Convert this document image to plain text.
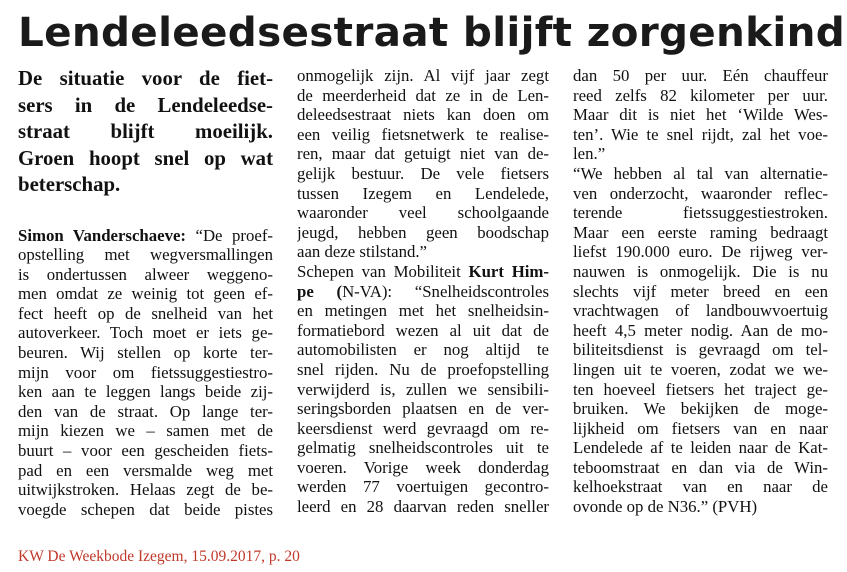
Lendeleedsestraat blijft zorgenkind
De situatie voor de fiet-
sers in de Lendeleedse-
straat blijft moeilijk.
Groen hoopt snel op wat
beterschap.
Simon Vanderschaeve: “De proef-
opstelling met wegversmallingen
is ondertussen alweer weggeno-
men omdat ze weinig tot geen ef-
fect heeft op de snelheid van het
autoverkeer. Toch moet er iets ge-
beuren. Wij stellen op korte ter-
mijn voor om fietssuggestiestro-
ken aan te leggen langs beide zij-
den van de straat. Op lange ter-
mijn kiezen we – samen met de
buurt – voor een gescheiden fiets-
pad en een versmalde weg met
uitwijkstroken. Helaas zegt de be-
voegde schepen dat beide pistes
onmogelijk zijn. Al vijf jaar zegt
de meerderheid dat ze in de Len-
deleedsestraat niets kan doen om
een veilig fietsnetwerk te realise-
ren, maar dat getuigt niet van de-
gelijk bestuur. De vele fietsers
tussen Izegem en Lendelede,
waaronder veel schoolgaande
jeugd, hebben geen boodschap
aan deze stilstand.”
Schepen van Mobiliteit Kurt Him-
pe (N-VA): “Snelheidscontroles
en metingen met het snelheidsin-
formatiebord wezen al uit dat de
automobilisten er nog altijd te
snel rijden. Nu de proefopstelling
verwijderd is, zullen we sensibili-
seringsborden plaatsen en de ver-
keersdienst werd gevraagd om re-
gelmatig snelheidscontroles uit te
voeren. Vorige week donderdag
werden 77 voertuigen gecontro-
leerd en 28 daarvan reden sneller
dan 50 per uur. Eén chauffeur
reed zelfs 82 kilometer per uur.
Maar dit is niet het ‘Wilde Wes-
ten’. Wie te snel rijdt, zal het voe-
len.”
“We hebben al tal van alternatie-
ven onderzocht, waaronder reflec-
terende fietssuggestiestroken.
Maar een eerste raming bedraagt
liefst 190.000 euro. De rijweg ver-
nauwen is onmogelijk. Die is nu
slechts vijf meter breed en een
vrachtwagen of landbouwvoertuig
heeft 4,5 meter nodig. Aan de mo-
biliteitsdienst is gevraagd om tel-
lingen uit te voeren, zodat we we-
ten hoeveel fietsers het traject ge-
bruiken. We bekijken de moge-
lijkheid om fietsers van en naar
Lendelede af te leiden naar de Kat-
teboomstraat en dan via de Win-
kelhoekstraat van en naar de
ovonde op de N36.” (PVH)
KW De Weekbode Izegem, 15.09.2017, p. 20
